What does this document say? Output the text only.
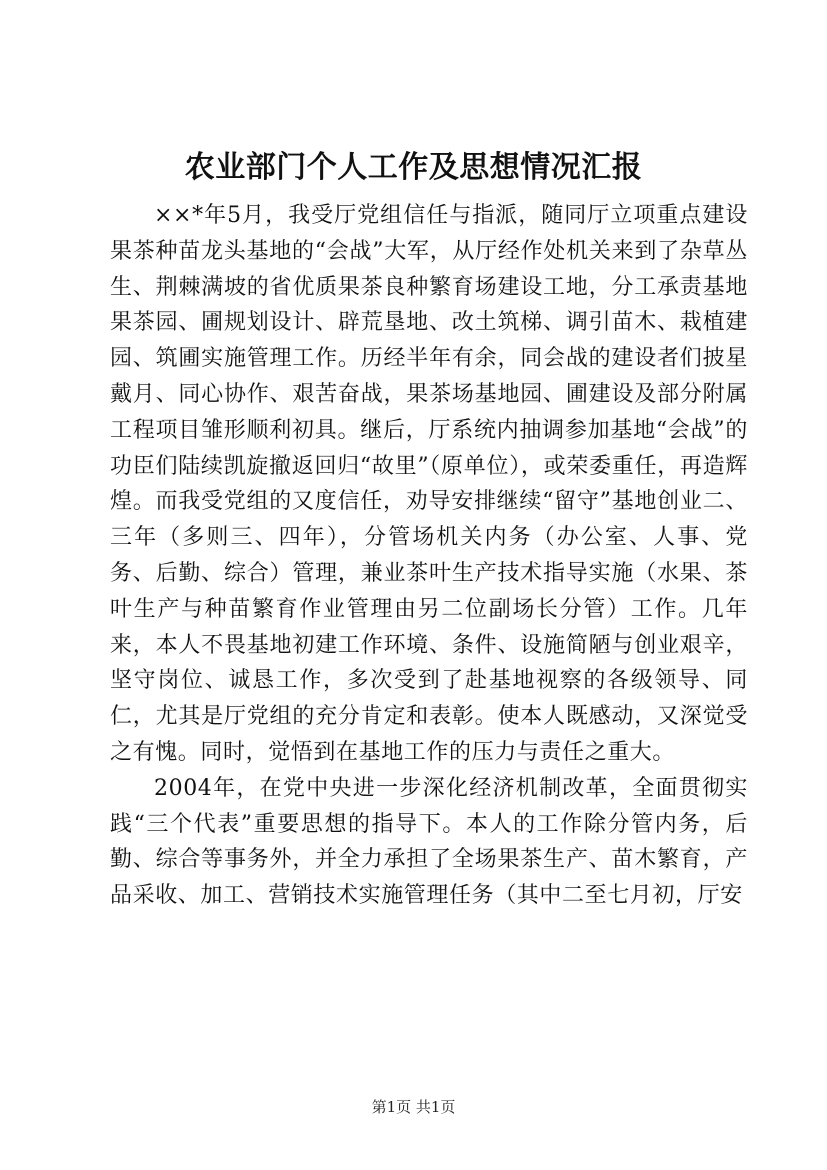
农业部门个人工作及思想情况汇报

××*年5月，我受厅党组信任与指派，随同厅立项重点建设果茶种苗龙头基地的“会战”大军，从厅经作处机关来到了杂草丛生、荆棘满坡的省优质果茶良种繁育场建设工地，分工承责基地果茶园、圃规划设计、辟荒垦地、改土筑梯、调引苗木、栽植建园、筑圃实施管理工作。历经半年有余，同会战的建设者们披星戴月、同心协作、艰苦奋战，果茶场基地园、圃建设及部分附属工程项目雏形顺利初具。继后，厅系统内抽调参加基地“会战”的功臣们陆续凯旋撤返回归“故里”（原单位），或荣委重任，再造辉煌。而我受党组的又度信任，劝导安排继续“留守”基地创业二、三年（多则三、四年），分管场机关内务（办公室、人事、党务、后勤、综合）管理，兼业茶叶生产技术指导实施（水果、茶叶生产与种苗繁育作业管理由另二位副场长分管）工作。几年来，本人不畏基地初建工作环境、条件、设施简陋与创业艰辛，坚守岗位、诚恳工作，多次受到了赴基地视察的各级领导、同仁，尤其是厅党组的充分肯定和表彰。使本人既感动，又深觉受之有愧。同时，觉悟到在基地工作的压力与责任之重大。

2004年，在党中央进一步深化经济机制改革，全面贯彻实践“三个代表”重要思想的指导下。本人的工作除分管内务，后勤、综合等事务外，并全力承担了全场果茶生产、苗木繁育，产品采收、加工、营销技术实施管理任务（其中二至七月初，厅安

第1页 共1页
